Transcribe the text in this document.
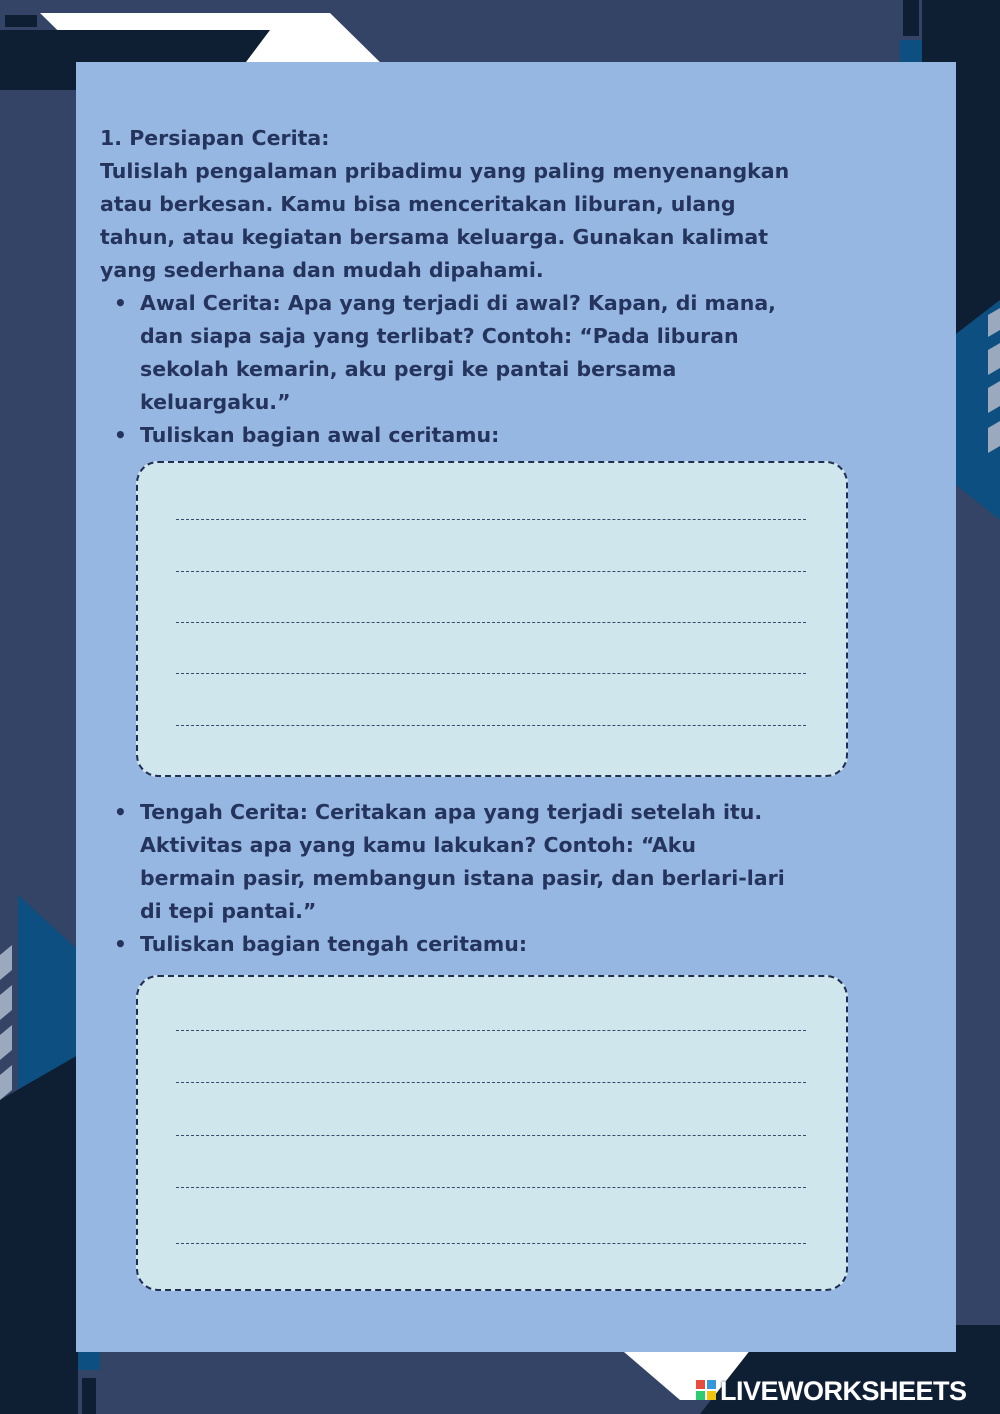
1. Persiapan Cerita:

Tulislah pengalaman pribadimu yang paling menyenangkan atau berkesan. Kamu bisa menceritakan liburan, ulang tahun, atau kegiatan bersama keluarga. Gunakan kalimat yang sederhana dan mudah dipahami.

• Awal Cerita: Apa yang terjadi di awal? Kapan, di mana, dan siapa saja yang terlibat? Contoh: “Pada liburan sekolah kemarin, aku pergi ke pantai bersama keluargaku.”
• Tuliskan bagian awal ceritamu:
• Tengah Cerita: Ceritakan apa yang terjadi setelah itu. Aktivitas apa yang kamu lakukan? Contoh: “Aku bermain pasir, membangun istana pasir, dan berlari-lari di tepi pantai.”
• Tuliskan bagian tengah ceritamu:
LIVEWORKSHEETS
